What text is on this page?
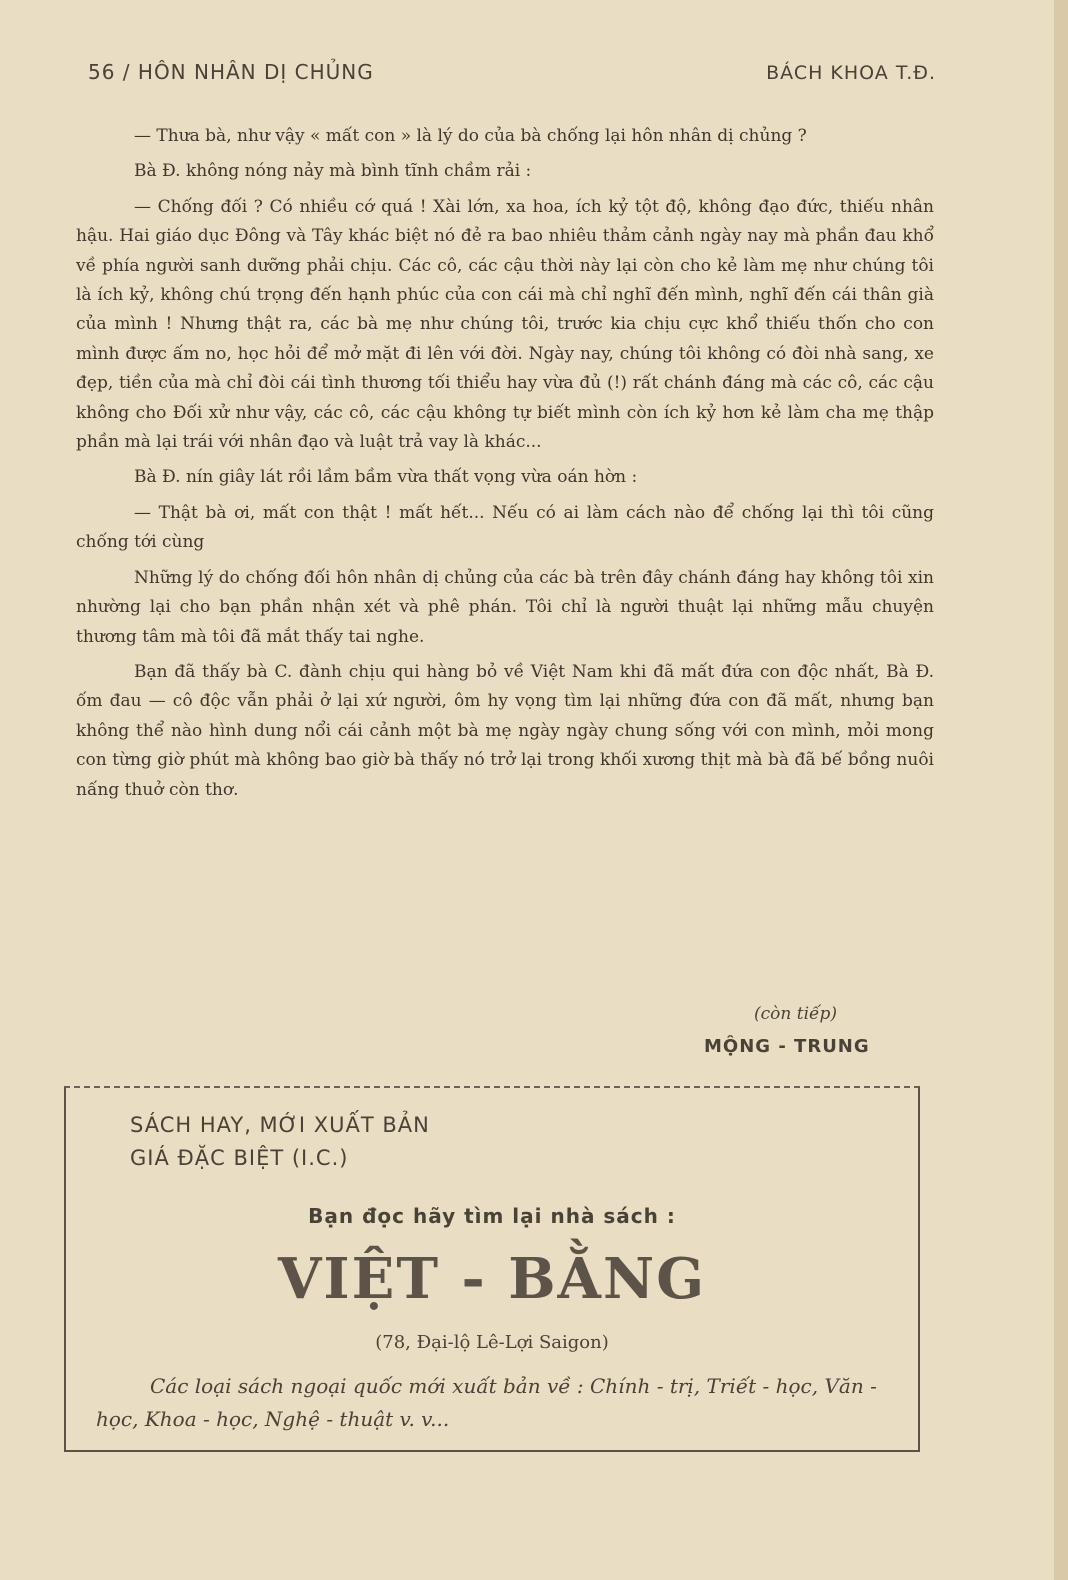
56 / HÔN NHÂN DỊ CHỦNG	BÁCH KHOA T.Đ.

— Thưa bà, như vậy « mất con » là lý do của bà chống lại hôn nhân dị chủng ?

Bà Đ. không nóng nảy mà bình tĩnh chầm rải :

— Chống đối ? Có nhiều cớ quá ! Xài lớn, xa hoa, ích kỷ tột độ, không đạo đức, thiếu nhân hậu. Hai giáo dục Đông và Tây khác biệt nó đẻ ra bao nhiêu thảm cảnh ngày nay mà phần đau khổ về phía người sanh dưỡng phải chịu. Các cô, các cậu thời này lại còn cho kẻ làm mẹ như chúng tôi là ích kỷ, không chú trọng đến hạnh phúc của con cái mà chỉ nghĩ đến mình, nghĩ đến cái thân già của mình ! Nhưng thật ra, các bà mẹ như chúng tôi, trước kia chịu cực khổ thiếu thốn cho con mình được ấm no, học hỏi để mở mặt đi lên với đời. Ngày nay, chúng tôi không có đòi nhà sang, xe đẹp, tiền của mà chỉ đòi cái tình thương tối thiểu hay vừa đủ (!) rất chánh đáng mà các cô, các cậu không cho Đối xử như vậy, các cô, các cậu không tự biết mình còn ích kỷ hơn kẻ làm cha mẹ thập phần mà lại trái với nhân đạo và luật trả vay là khác...

Bà Đ. nín giây lát rồi lầm bầm vừa thất vọng vừa oán hờn :

— Thật bà ơi, mất con thật ! mất hết... Nếu có ai làm cách nào để chống lại thì tôi cũng chống tới cùng

Những lý do chống đối hôn nhân dị chủng của các bà trên đây chánh đáng hay không tôi xin nhường lại cho bạn phần nhận xét và phê phán. Tôi chỉ là người thuật lại những mẫu chuyện thương tâm mà tôi đã mắt thấy tai nghe.

Bạn đã thấy bà C. đành chịu qui hàng bỏ về Việt Nam khi đã mất đứa con độc nhất, Bà Đ. ốm đau — cô độc vẫn phải ở lại xứ người, ôm hy vọng tìm lại những đứa con đã mất, nhưng bạn không thể nào hình dung nổi cái cảnh một bà mẹ ngày ngày chung sống với con mình, mỏi mong con từng giờ phút mà không bao giờ bà thấy nó trở lại trong khối xương thịt mà bà đã bế bồng nuôi nấng thuở còn thơ.

(còn tiếp)
MỘNG - TRUNG
SÁCH HAY, MỚI XUẤT BẢN
GIÁ ĐẶC BIỆT (I.C.)
Bạn đọc hãy tìm lại nhà sách :
VIỆT - BẰNG
(78, Đại-lộ Lê-Lợi Saigon)
Các loại sách ngoại quốc mới xuất bản về : Chính - trị, Triết - học, Văn - học, Khoa - học, Nghệ - thuật v. v...
